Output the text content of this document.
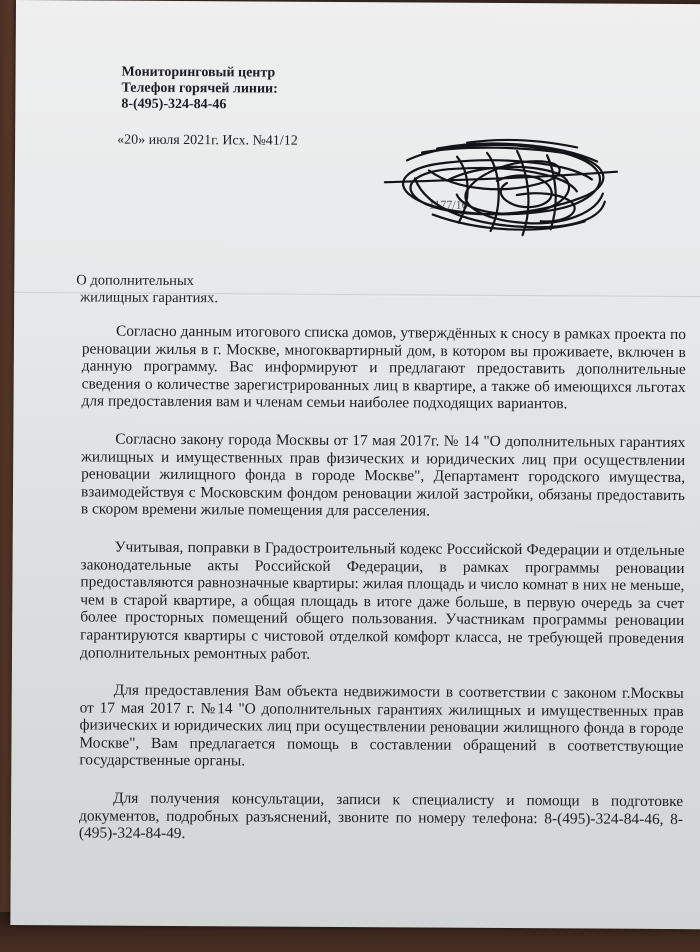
Мониторинговый центр
Телефон горячей линии:
8-(495)-324-84-46
«20» июля 2021г. Исх. №41/12
1177/16
О дополнительных
жилищных гарантиях.

Согласно данным итогового списка домов, утверждённых к сносу в рамках проекта по реновации жилья в г. Москве, многоквартирный дом, в котором вы проживаете, включен в данную программу. Вас информируют и предлагают предоставить дополнительные сведения о количестве зарегистрированных лиц в квартире, а также об имеющихся льготах для предоставления вам и членам семьи наиболее подходящих вариантов.

Согласно закону города Москвы от 17 мая 2017г. № 14 "О дополнительных гарантиях жилищных и имущественных прав физических и юридических лиц при осуществлении реновации жилищного фонда в городе Москве", Департамент городского имущества, взаимодействуя с Московским фондом реновации жилой застройки, обязаны предоставить в скором времени жилые помещения для расселения.

Учитывая, поправки в Градостроительный кодекс Российской Федерации и отдельные законодательные акты Российской Федерации, в рамках программы реновации предоставляются равнозначные квартиры: жилая площадь и число комнат в них не меньше, чем в старой квартире, а общая площадь в итоге даже больше, в первую очередь за счет более просторных помещений общего пользования. Участникам программы реновации гарантируются квартиры с чистовой отделкой комфорт класса, не требующей проведения дополнительных ремонтных работ.

Для предоставления Вам объекта недвижимости в соответствии с законом г.Москвы от 17 мая 2017 г. №14 "О дополнительных гарантиях жилищных и имущественных прав физических и юридических лиц при осуществлении реновации жилищного фонда в городе Москве", Вам предлагается помощь в составлении обращений в соответствующие государственные органы.

Для получения консультации, записи к специалисту и помощи в подготовке документов, подробных разъяснений, звоните по номеру телефона: 8-(495)-324-84-46, 8-(495)-324-84-49.
